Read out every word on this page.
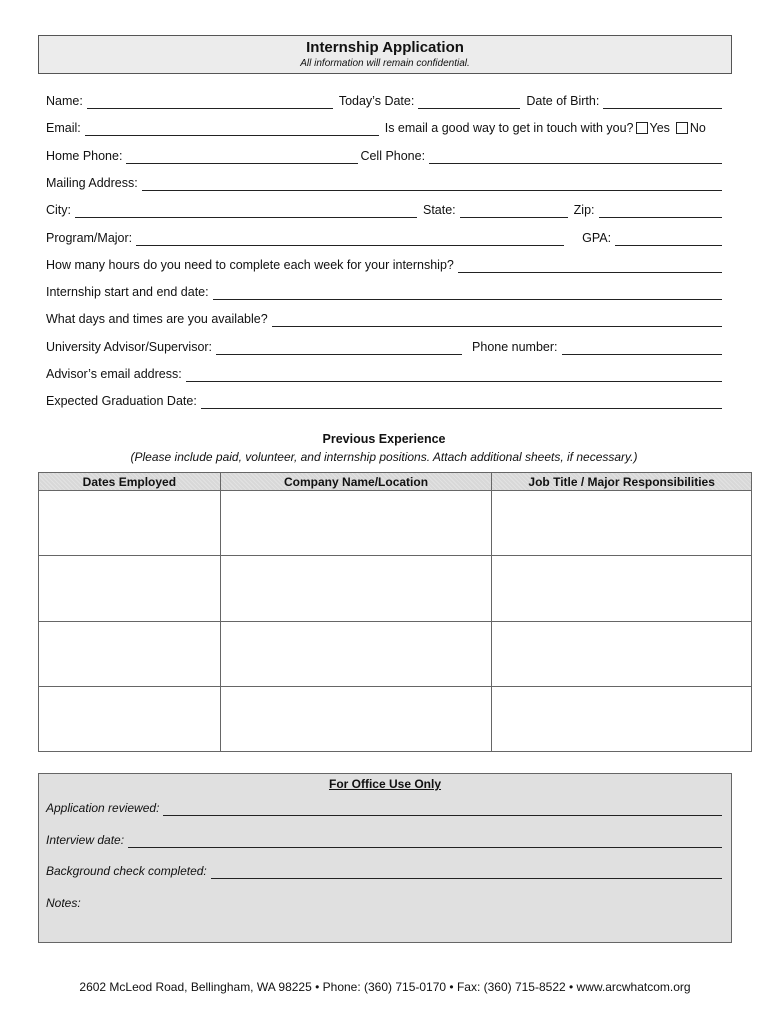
Internship Application
All information will remain confidential.
Name:	Today’s Date:	Date of Birth:
Email:	Is email a good way to get in touch with you? Yes	No
Home Phone:	Cell Phone:
Mailing Address:
City:	State:	Zip:
Program/Major:	GPA:
How many hours do you need to complete each week for your internship?
Internship start and end date:
What days and times are you available?
University Advisor/Supervisor:	Phone number:
Advisor’s email address:
Expected Graduation Date:
Previous Experience
(Please include paid, volunteer, and internship positions. Attach additional sheets, if necessary.)
Dates Employed	Company Name/Location	Job Title / Major Responsibilities

For Office Use Only
Application reviewed:
Interview date:
Background check completed:
Notes:
2602 McLeod Road, Bellingham, WA 98225 • Phone: (360) 715-0170 • Fax: (360) 715-8522 • www.arcwhatcom.org
